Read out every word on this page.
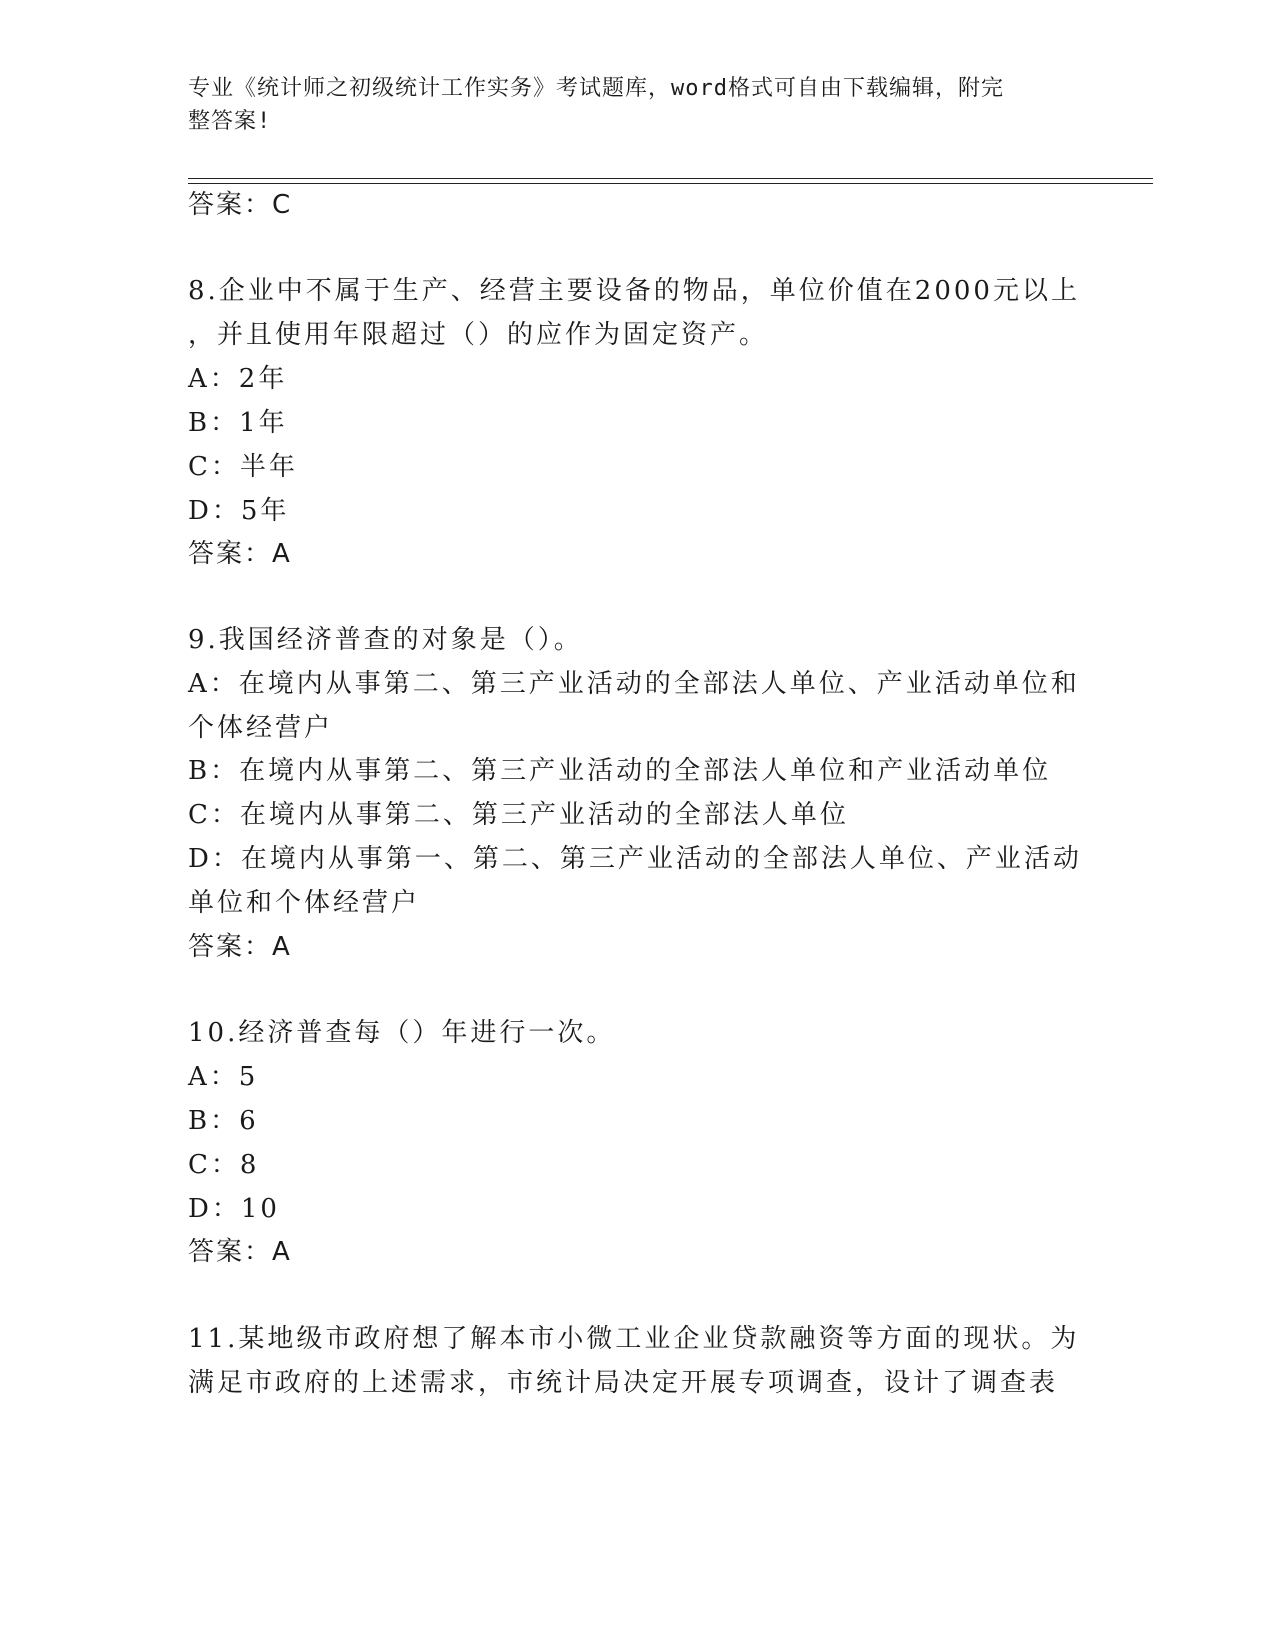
专业《统计师之初级统计工作实务》考试题库，word格式可自由下载编辑，附完
整答案!
答案：C
8.企业中不属于生产、经营主要设备的物品，单位价值在2000元以上
，并且使用年限超过（）的应作为固定资产。
A：2年
B：1年
C：半年
D：5年
答案：A
9.我国经济普查的对象是（）。
A：在境内从事第二、第三产业活动的全部法人单位、产业活动单位和
个体经营户
B：在境内从事第二、第三产业活动的全部法人单位和产业活动单位
C：在境内从事第二、第三产业活动的全部法人单位
D：在境内从事第一、第二、第三产业活动的全部法人单位、产业活动
单位和个体经营户
答案：A
10.经济普查每（）年进行一次。
A：5
B：6
C：8
D：10
答案：A
11.某地级市政府想了解本市小微工业企业贷款融资等方面的现状。为
满足市政府的上述需求，市统计局决定开展专项调查，设计了调查表
